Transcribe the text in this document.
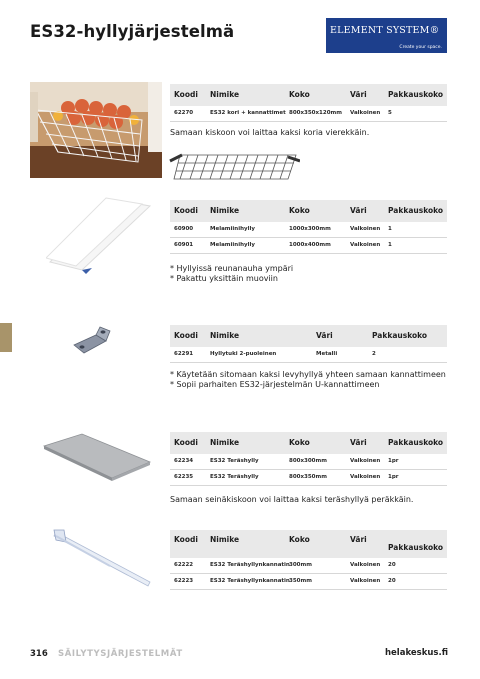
ES32-hyllyjärjestelmä	ELEMENT SYSTEM®
Create your space.
Koodi Nimike	Koko	Väri	Pakkauskoko
62270	ES32 kori + kannattimet 800x350x120mm Valkoinen 5
Samaan kiskoon voi laittaa kaksi koria vierekkäin.
Koodi Nimike	Koko	Väri	Pakkauskoko
60900	Melamiinihylly	1000x300mm	Valkoinen 1
60901	Melamiinihylly	1000x400mm	Valkoinen 1
* Hyllyissä reunanauha ympäri
* Pakattu yksittäin muoviin
Koodi Nimike	Väri	Pakkauskoko
62291	Hyllytuki 2-puoleinen	Metalli	2
* Käytetään sitomaan kaksi levyhyllyä yhteen samaan kannattimeen
* Sopii parhaiten ES32-järjestelmän U-kannattimeen
Koodi Nimike	Koko	Väri	Pakkauskoko
62234	ES32 Teräshylly	800x300mm	Valkoinen 1pr
62235	ES32 Teräshylly	800x350mm	Valkoinen 1pr
Samaan seinäkiskoon voi laittaa kaksi teräshyllyä peräkkäin.
Koodi Nimike	Koko	Väri
Pakkauskoko
62222	ES32 Teräshyllynkannatin 300mm	Valkoinen 20
62223	ES32 Teräshyllynkannatin 350mm	Valkoinen 20
316 SÄILYTYSJÄRJESTELMÄT	helakeskus.fi
